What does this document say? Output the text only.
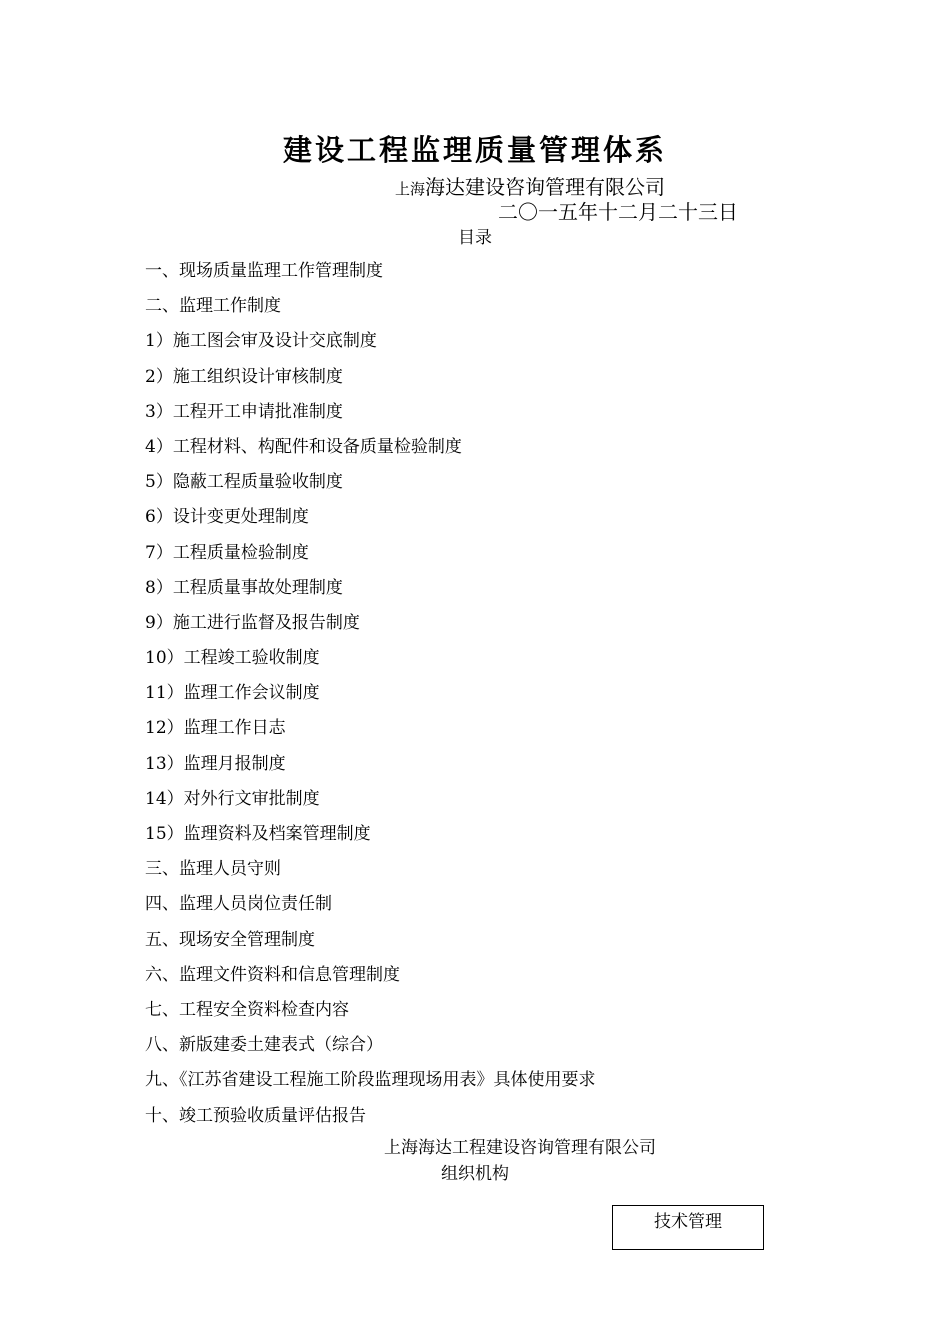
建设工程监理质量管理体系
上海海达建设咨询管理有限公司
二〇一五年十二月二十三日
目录
一、现场质量监理工作管理制度
二、监理工作制度
1）施工图会审及设计交底制度
2）施工组织设计审核制度
3）工程开工申请批准制度
4）工程材料、构配件和设备质量检验制度
5）隐蔽工程质量验收制度
6）设计变更处理制度
7）工程质量检验制度
8）工程质量事故处理制度
9）施工进行监督及报告制度
10）工程竣工验收制度
11）监理工作会议制度
12）监理工作日志
13）监理月报制度
14）对外行文审批制度
15）监理资料及档案管理制度
三、监理人员守则
四、监理人员岗位责任制
五、现场安全管理制度
六、监理文件资料和信息管理制度
七、工程安全资料检查内容
八、新版建委土建表式（综合）
九、《江苏省建设工程施工阶段监理现场用表》具体使用要求
十、竣工预验收质量评估报告
上海海达工程建设咨询管理有限公司
组织机构
技术管理
